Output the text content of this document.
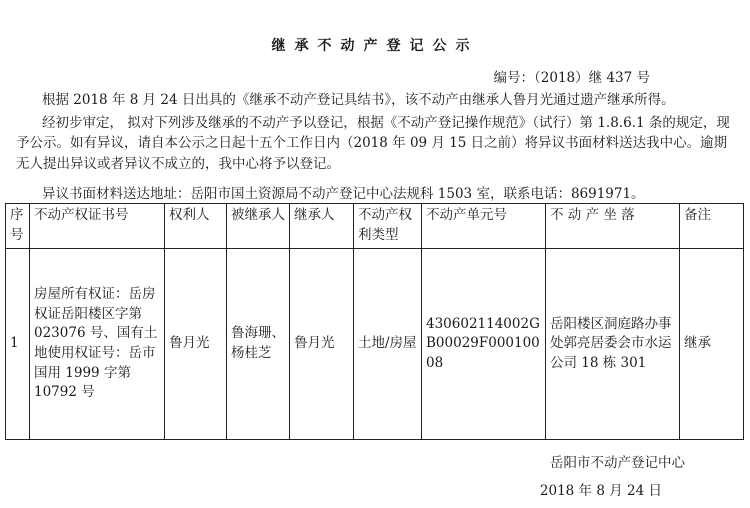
继承不动产登记公示
编号：（2018）继 437 号
根据 2018 年 8 月 24 日出具的《继承不动产登记具结书》，该不动产由继承人鲁月光通过遗产继承所得。
经初步审定， 拟对下列涉及继承的不动产予以登记，根据《不动产登记操作规范》（试行）第 1.8.6.1 条的规定，现予公示。如有异议，请自本公示之日起十五个工作日内（2018 年 09 月 15 日之前）将异议书面材料送达我中心。逾期无人提出异议或者异议不成立的，我中心将予以登记。
异议书面材料送达地址：岳阳市国土资源局不动产登记中心法规科 1503 室，联系电话：8691971。
序号	不动产权证书号	权利人	被继承人	继承人	不动产权利类型	不动产单元号	不 动 产 坐 落	备注
1	房屋所有权证：岳房权证岳阳楼区字第 023076 号、国有土地使用权证号：岳市国用 1999 字第 10792 号	鲁月光	鲁海珊、杨桂芝	鲁月光	土地/房屋	430602114002GB00029F00010008	岳阳楼区洞庭路办事处郭亮居委会市水运公司 18 栋 301	继承
岳阳市不动产登记中心
2018 年 8 月 24 日
